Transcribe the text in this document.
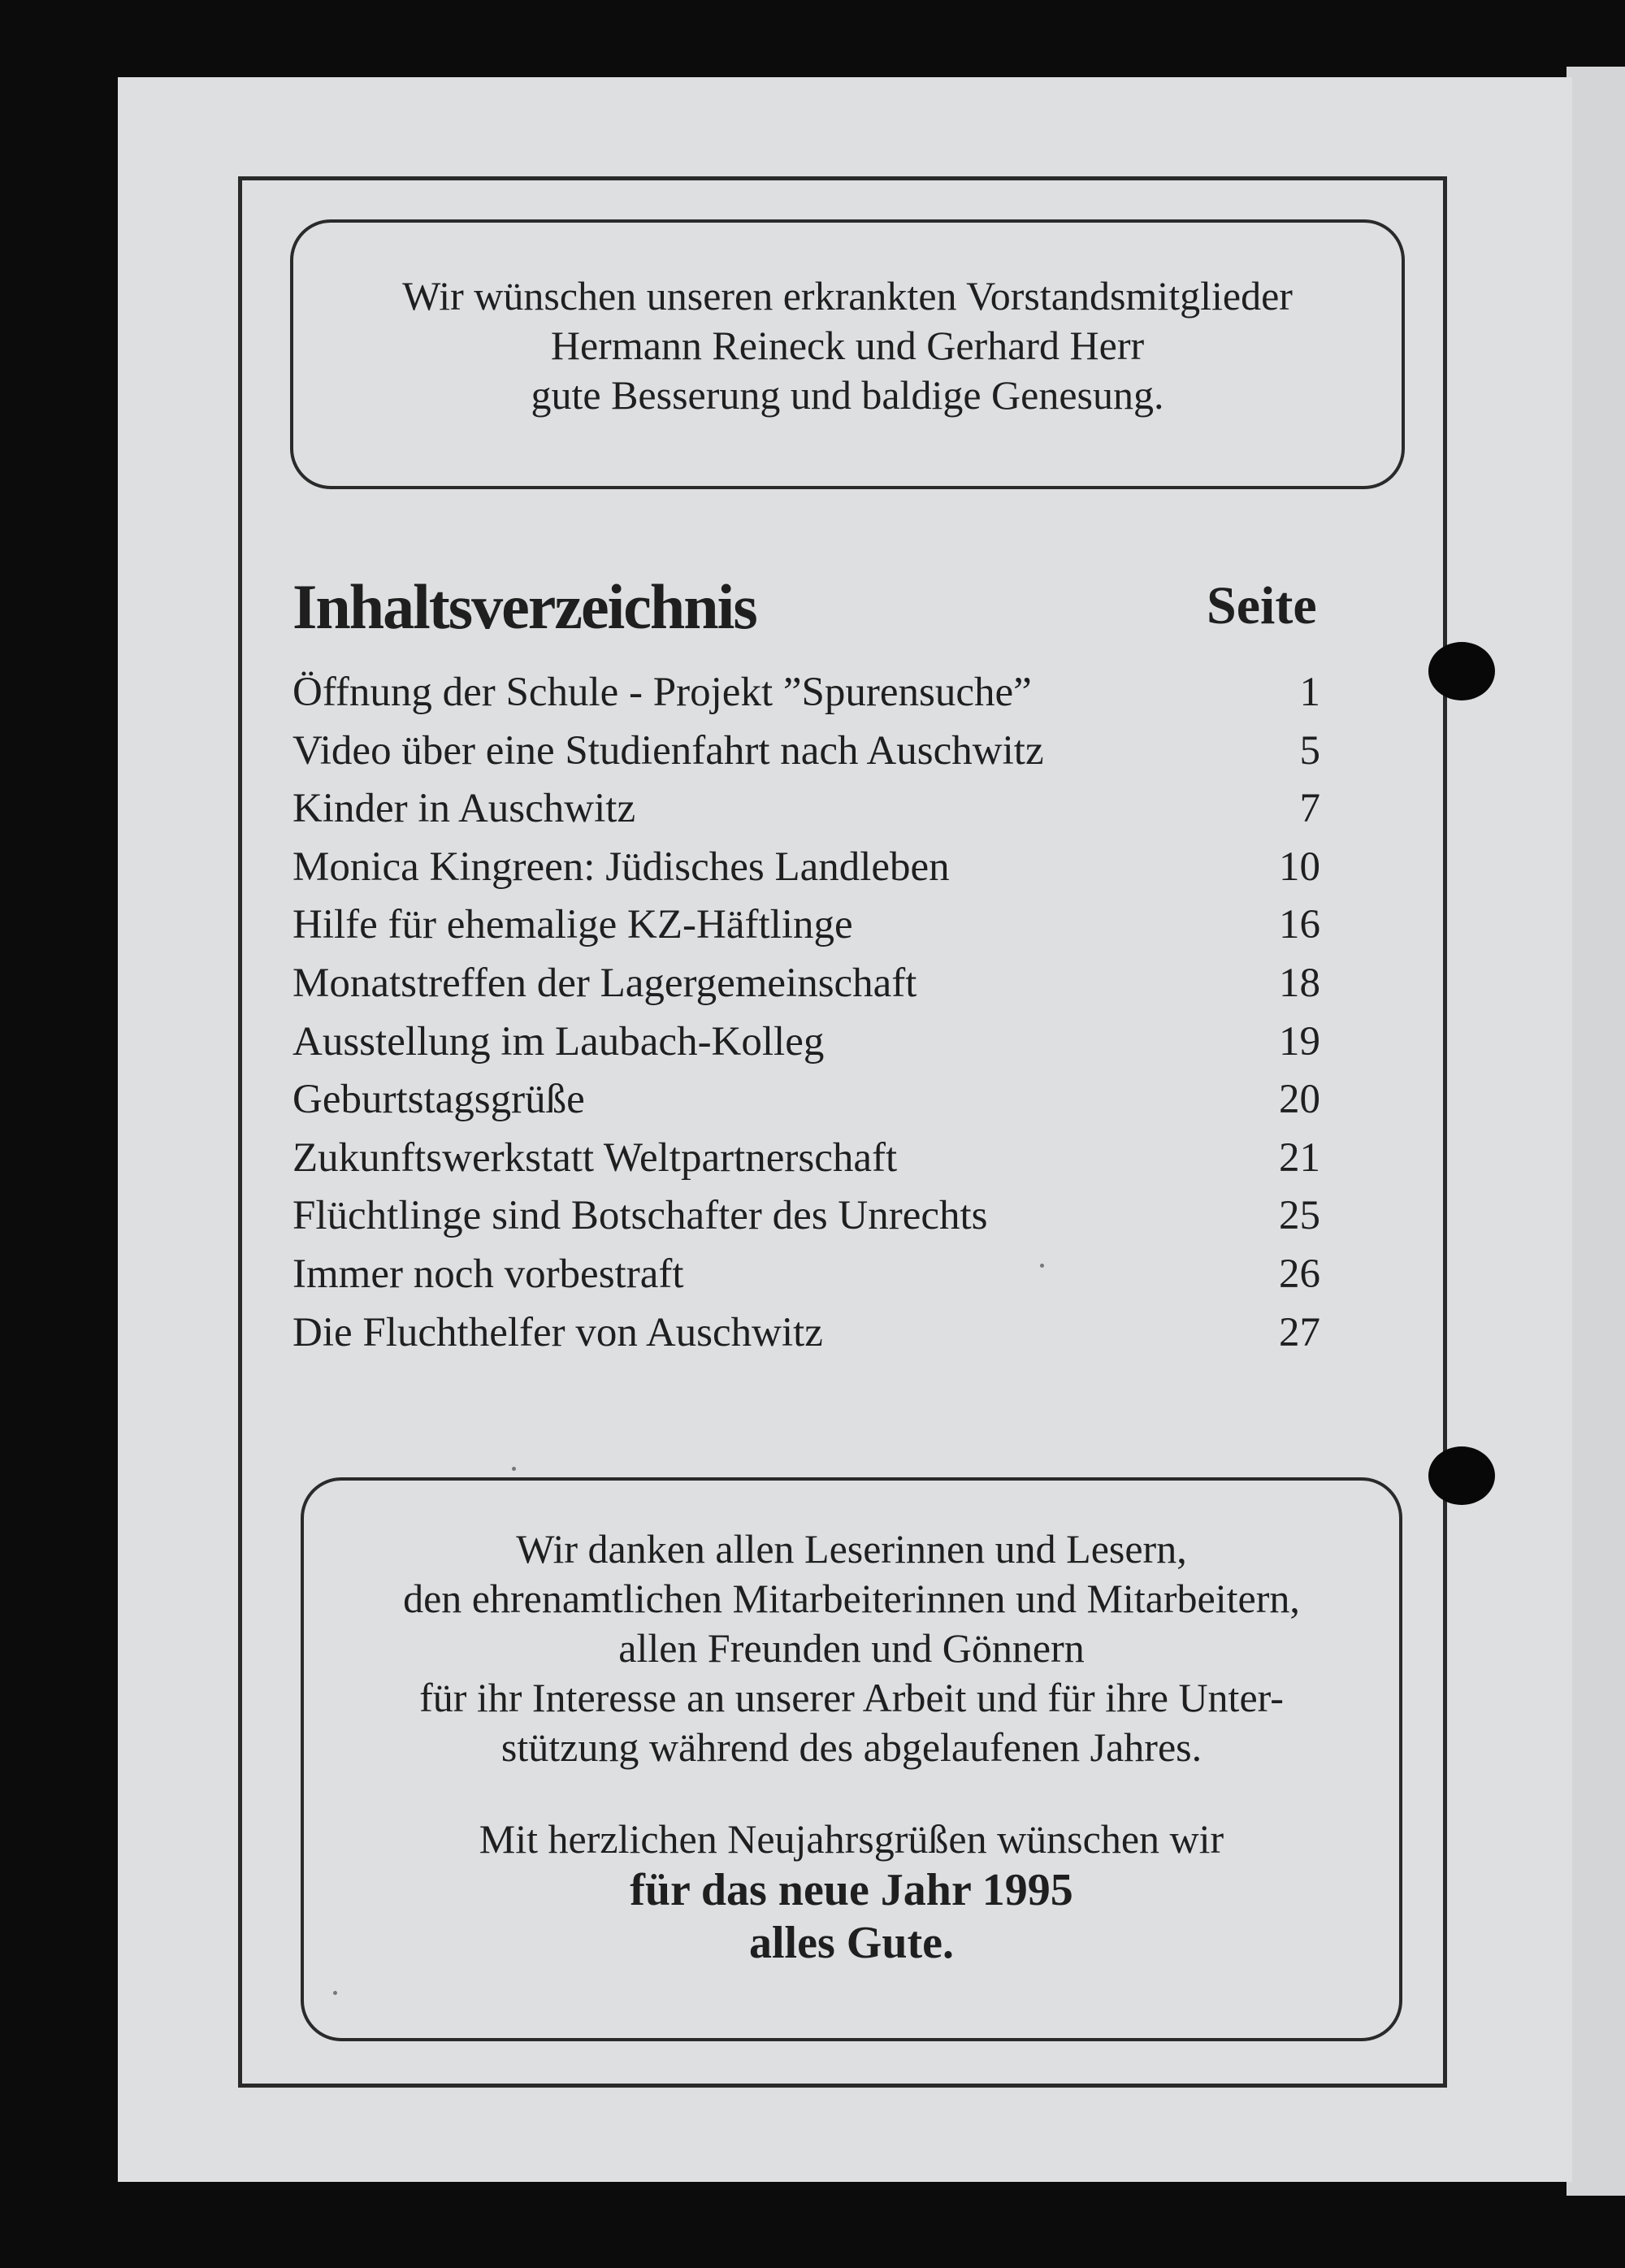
Wir wünschen unseren erkrankten Vorstandsmitglieder
Hermann Reineck und Gerhard Herr
gute Besserung und baldige Genesung.
Inhaltsverzeichnis	Seite
Öffnung der Schule - Projekt ”Spurensuche”	1
Video über eine Studienfahrt nach Auschwitz	5
Kinder in Auschwitz	7
Monica Kingreen: Jüdisches Landleben	10
Hilfe für ehemalige KZ-Häftlinge	16
Monatstreffen der Lagergemeinschaft	18
Ausstellung im Laubach-Kolleg	19
Geburtstagsgrüße	20
Zukunftswerkstatt Weltpartnerschaft	21
Flüchtlinge sind Botschafter des Unrechts	25
Immer noch vorbestraft	26
Die Fluchthelfer von Auschwitz	27
Wir danken allen Leserinnen und Lesern,
den ehrenamtlichen Mitarbeiterinnen und Mitarbeitern,
allen Freunden und Gönnern
für ihr Interesse an unserer Arbeit und für ihre Unter-
stützung während des abgelaufenen Jahres.
Mit herzlichen Neujahrsgrüßen wünschen wir
für das neue Jahr 1995
alles Gute.
